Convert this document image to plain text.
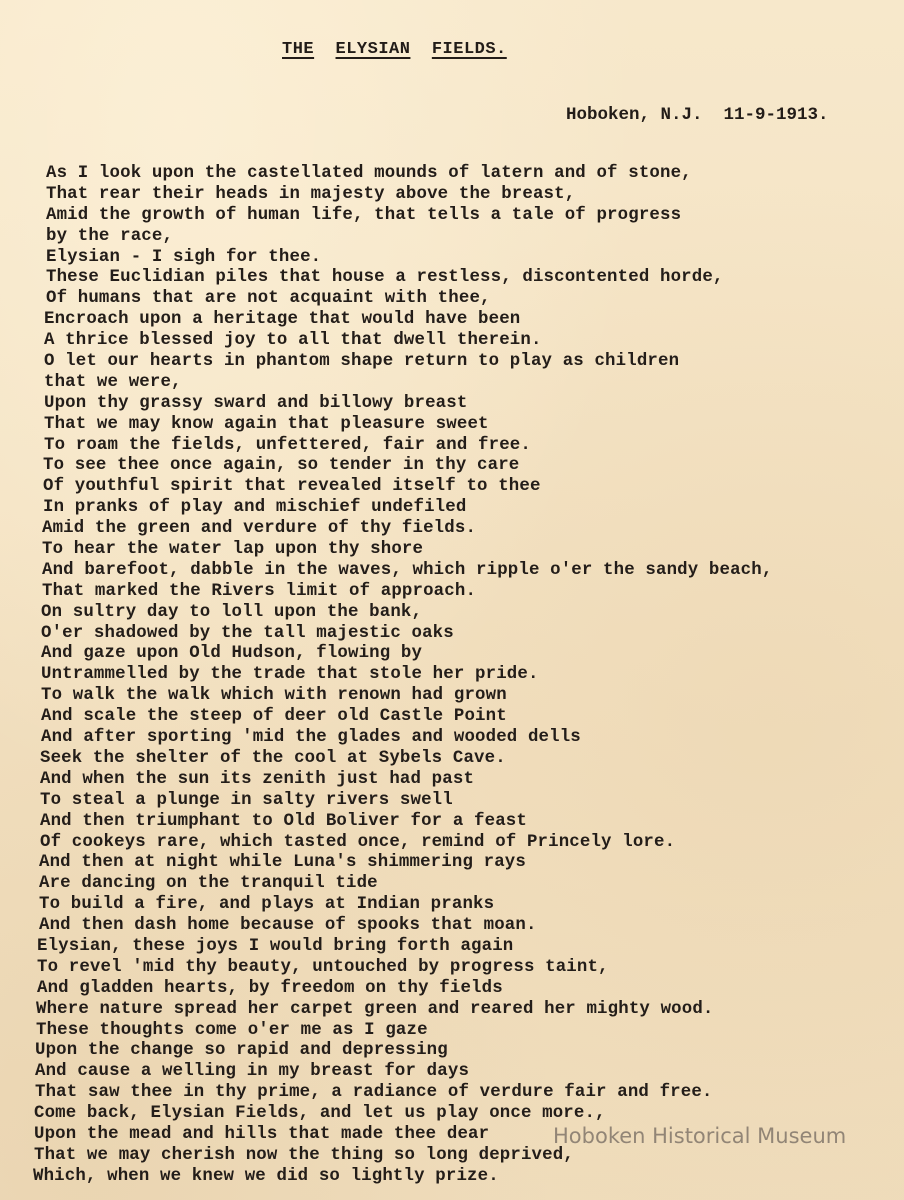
THE ELYSIAN FIELDS.
Hoboken, N.J.  11-9-1913.
As I look upon the castellated mounds of latern and of stone,
That rear their heads in majesty above the breast,
Amid the growth of human life, that tells a tale of progress
by the race,
Elysian - I sigh for thee.
These Euclidian piles that house a restless, discontented horde,
Of humans that are not acquaint with thee,
Encroach upon a heritage that would have been
A thrice blessed joy to all that dwell therein.
O let our hearts in phantom shape return to play as children
that we were,
Upon thy grassy sward and billowy breast
That we may know again that pleasure sweet
To roam the fields, unfettered, fair and free.
To see thee once again, so tender in thy care
Of youthful spirit that revealed itself to thee
In pranks of play and mischief undefiled
Amid the green and verdure of thy fields.
To hear the water lap upon thy shore
And barefoot, dabble in the waves, which ripple o'er the sandy beach,
That marked the Rivers limit of approach.
On sultry day to loll upon the bank,
O'er shadowed by the tall majestic oaks
And gaze upon Old Hudson, flowing by
Untrammelled by the trade that stole her pride.
To walk the walk which with renown had grown
And scale the steep of deer old Castle Point
And after sporting 'mid the glades and wooded dells
Seek the shelter of the cool at Sybels Cave.
And when the sun its zenith just had past
To steal a plunge in salty rivers swell
And then triumphant to Old Boliver for a feast
Of cookeys rare, which tasted once, remind of Princely lore.
And then at night while Luna's shimmering rays
Are dancing on the tranquil tide
To build a fire, and plays at Indian pranks
And then dash home because of spooks that moan.
Elysian, these joys I would bring forth again
To revel 'mid thy beauty, untouched by progress taint,
And gladden hearts, by freedom on thy fields
Where nature spread her carpet green and reared her mighty wood.
These thoughts come o'er me as I gaze
Upon the change so rapid and depressing
And cause a welling in my breast for days
That saw thee in thy prime, a radiance of verdure fair and free.
Come back, Elysian Fields, and let us play once more.,
Upon the mead and hills that made thee dear
That we may cherish now the thing so long deprived,
Which, when we knew we did so lightly prize.
Hoboken Historical Museum
